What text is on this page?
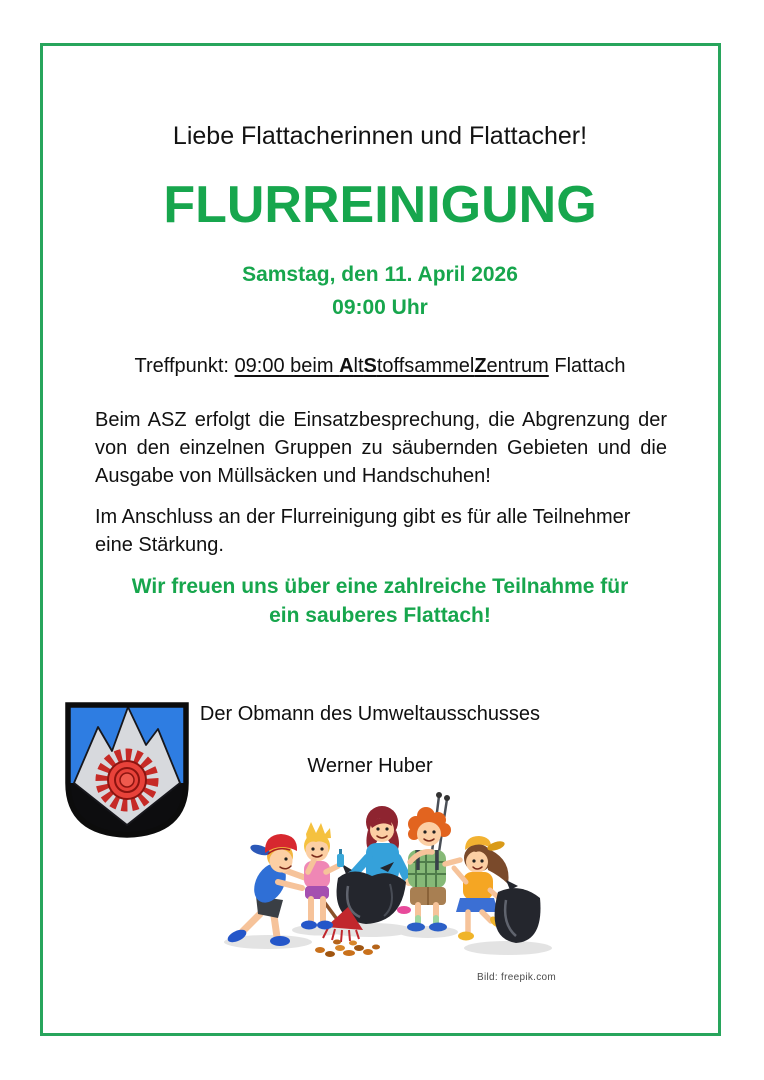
Liebe Flattacherinnen und Flattacher!
FLURREINIGUNG
Samstag, den 11. April 2026
09:00 Uhr
Treffpunkt: 09:00 beim AltStoffsammelZentrum Flattach

Beim ASZ erfolgt die Einsatzbesprechung, die Abgrenzung der von den einzelnen Gruppen zu säubernden Gebieten und die Ausgabe von Müllsäcken und Handschuhen!

Im Anschluss an der Flurreinigung gibt es für alle Teilnehmer eine Stärkung.

Wir freuen uns über eine zahlreiche Teilnahme für
ein sauberes Flattach!
Der Obmann des Umweltausschusses
Werner Huber
Bild: freepik.com
